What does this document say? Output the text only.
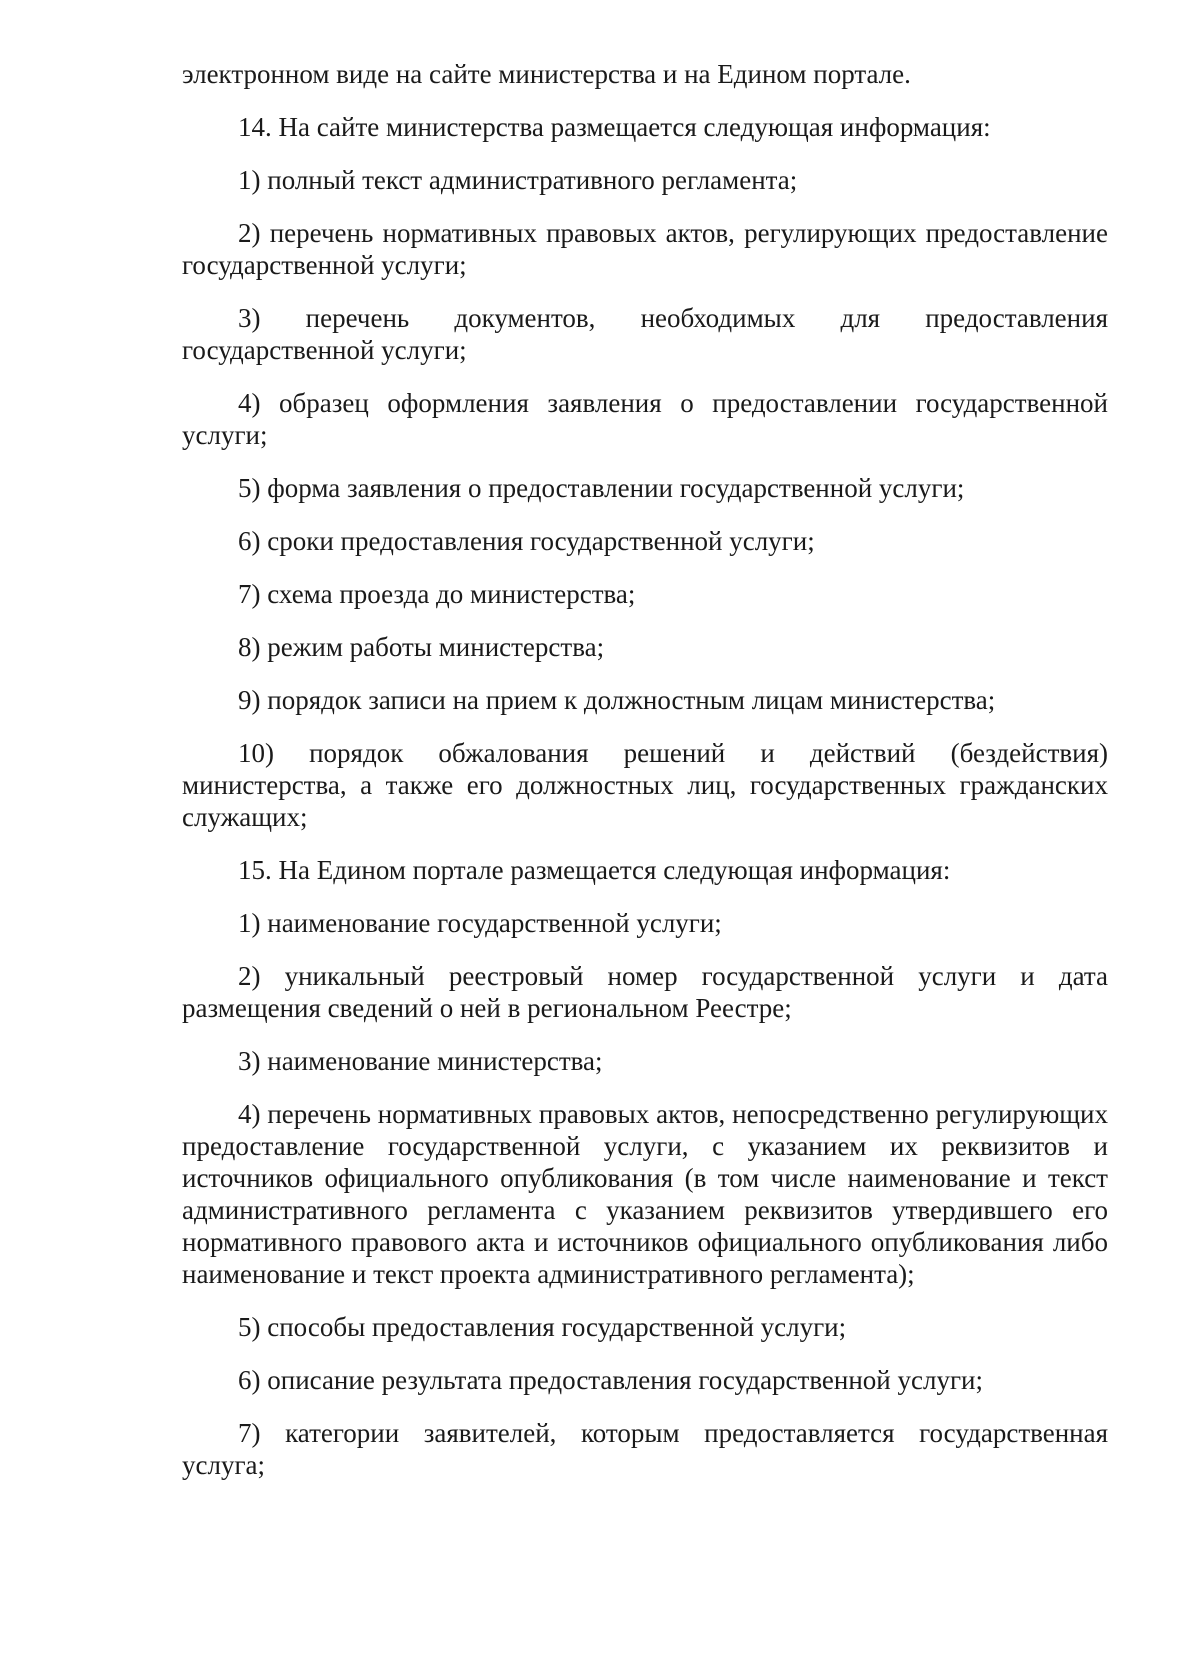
электронном виде на сайте министерства и на Едином портале.

14. На сайте министерства размещается следующая информация:

1) полный текст административного регламента;

2) перечень нормативных правовых актов, регулирующих предоставление государственной услуги;

3) перечень документов, необходимых для предоставления государственной услуги;

4) образец оформления заявления о предоставлении государственной услуги;

5) форма заявления о предоставлении государственной услуги;

6) сроки предоставления государственной услуги;

7) схема проезда до министерства;

8) режим работы министерства;

9) порядок записи на прием к должностным лицам министерства;

10) порядок обжалования решений и действий (бездействия) министерства, а также его должностных лиц, государственных гражданских служащих;

15. На Едином портале размещается следующая информация:

1) наименование государственной услуги;

2) уникальный реестровый номер государственной услуги и дата размещения сведений о ней в региональном Реестре;

3) наименование министерства;

4) перечень нормативных правовых актов, непосредственно регулирующих предоставление государственной услуги, с указанием их реквизитов и источников официального опубликования (в том числе наименование и текст административного регламента с указанием реквизитов утвердившего его нормативного правового акта и источников официального опубликования либо наименование и текст проекта административного регламента);

5) способы предоставления государственной услуги;

6) описание результата предоставления государственной услуги;

7) категории заявителей, которым предоставляется государственная услуга;
